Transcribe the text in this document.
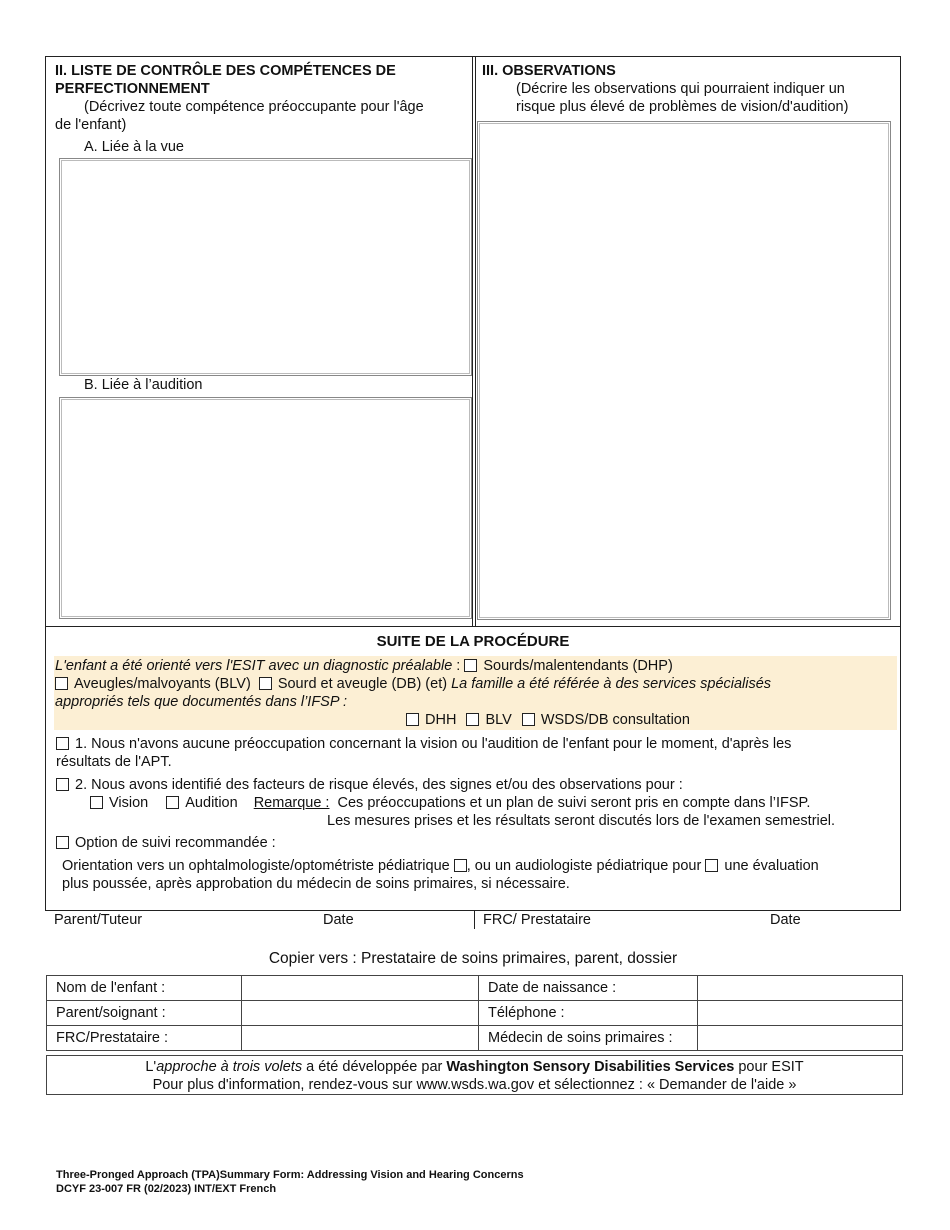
II. LISTE DE CONTRÔLE DES COMPÉTENCES DE
PERFECTIONNEMENT
(Décrivez toute compétence préoccupante pour l'âge
de l'enfant)
A. Liée à la vue
B. Liée à l’audition
III. OBSERVATIONS
(Décrire les observations qui pourraient indiquer un
risque plus élevé de problèmes de vision/d'audition)
SUITE DE LA PROCÉDURE
L'enfant a été orienté vers l'ESIT avec un diagnostic préalable : Sourds/malentendants (DHP)
Aveugles/malvoyants (BLV) Sourd et aveugle (DB) (et) La famille a été référée à des services spécialisés
appropriés tels que documentés dans l’IFSP :
DHH BLV WSDS/DB consultation
1. Nous n'avons aucune préoccupation concernant la vision ou l'audition de l'enfant pour le moment, d'après les
résultats de l'APT.
2. Nous avons identifié des facteurs de risque élevés, des signes et/ou des observations pour :
Vision	Audition Remarque : Ces préoccupations et un plan de suivi seront pris en compte dans l’IFSP.
Les mesures prises et les résultats seront discutés lors de l'examen semestriel.
Option de suivi recommandée :
Orientation vers un ophtalmologiste/optométriste pédiatrique , ou un audiologiste pédiatrique pour une évaluation
plus poussée, après approbation du médecin de soins primaires, si nécessaire.
Parent/Tuteur	Date	FRC/ Prestataire	Date
Copier vers : Prestataire de soins primaires, parent, dossier
Nom de l'enfant :		Date de naissance :	
Parent/soignant :		Téléphone :	
FRC/Prestataire :		Médecin de soins primaires :	
L'approche à trois volets a été développée par Washington Sensory Disabilities Services pour ESIT
Pour plus d'information, rendez-vous sur www.wsds.wa.gov et sélectionnez : « Demander de l'aide »
Three-Pronged Approach (TPA)Summary Form: Addressing Vision and Hearing Concerns
DCYF 23-007 FR (02/2023) INT/EXT French
